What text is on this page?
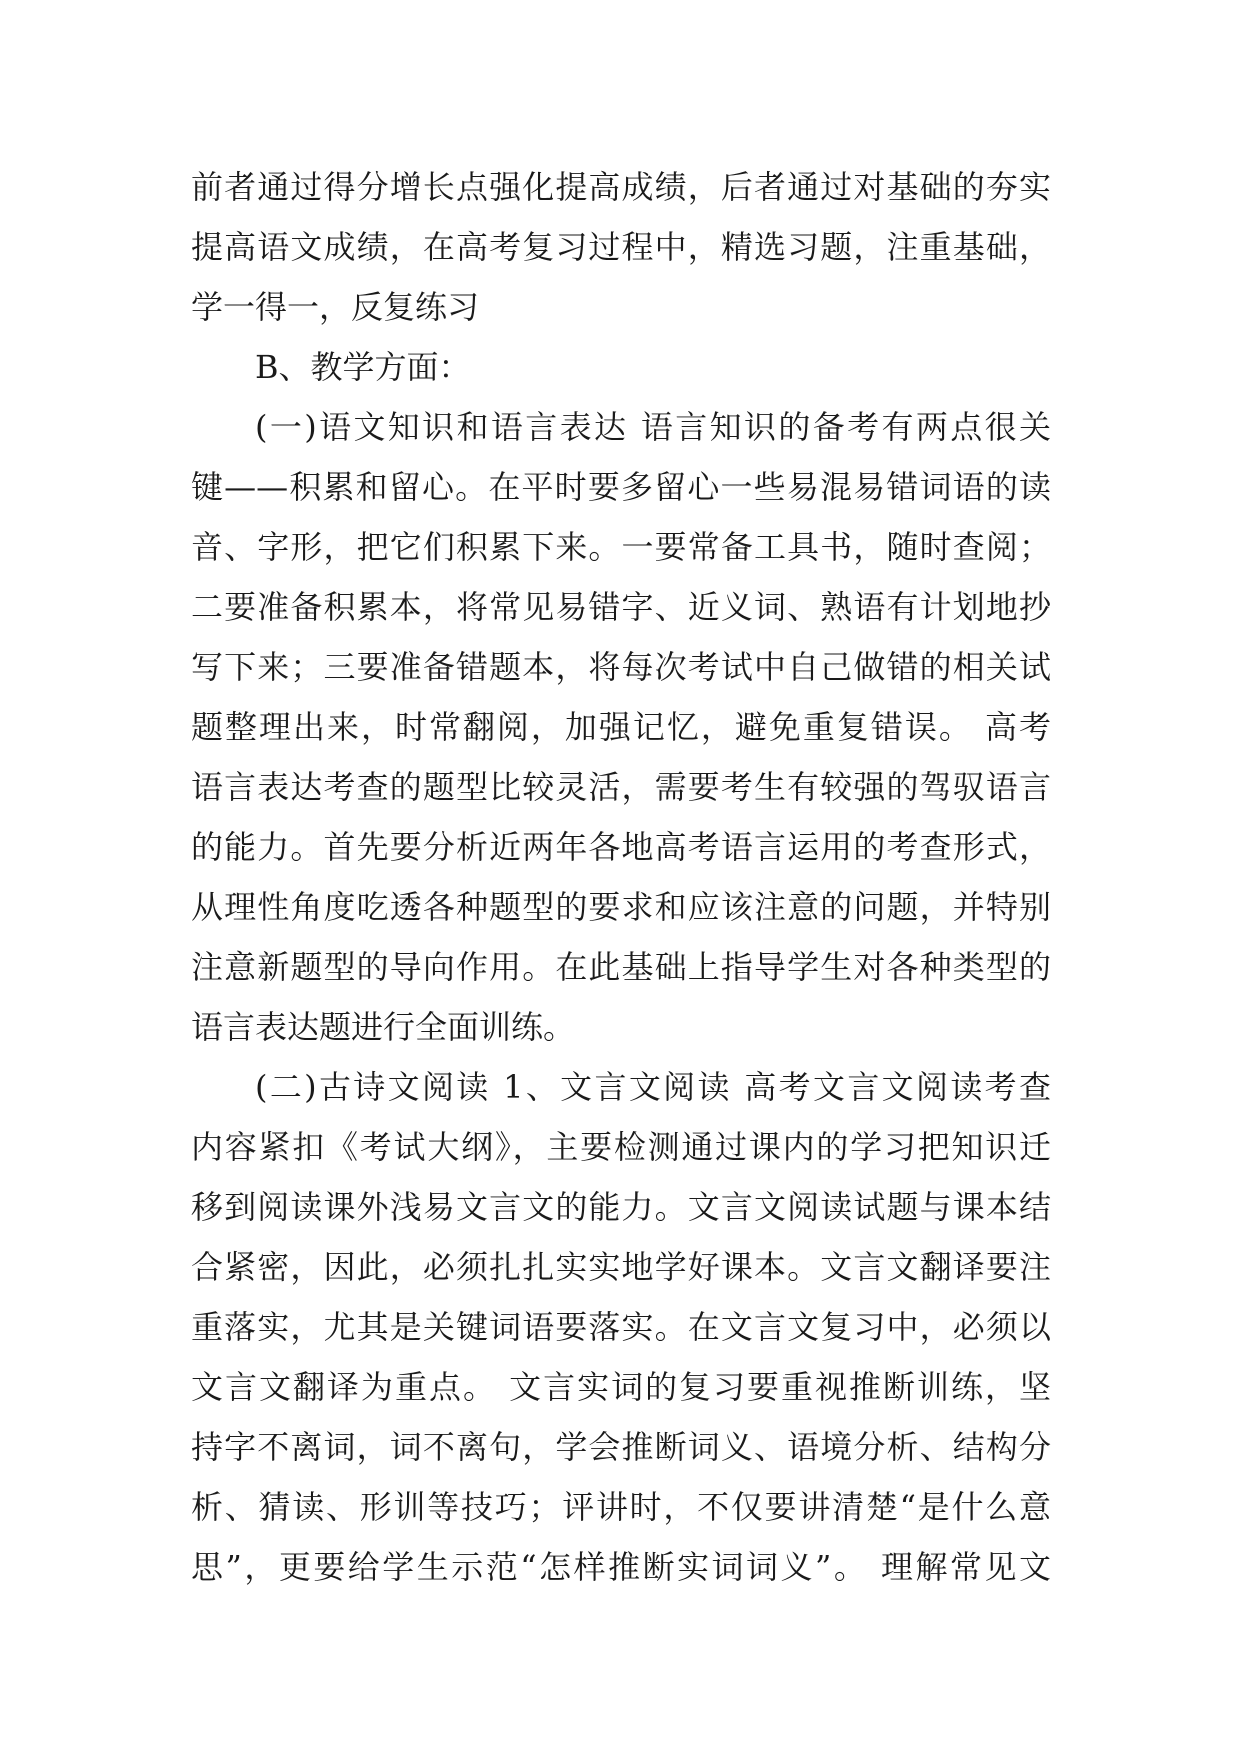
前者通过得分增长点强化提高成绩，后者通过对基础的夯实
提高语文成绩，在高考复习过程中，精选习题，注重基础，
学一得一，反复练习
B、教学方面：
(一)语文知识和语言表达 语言知识的备考有两点很关
键——积累和留心。在平时要多留心一些易混易错词语的读
音、字形，把它们积累下来。一要常备工具书，随时查阅；
二要准备积累本，将常见易错字、近义词、熟语有计划地抄
写下来；三要准备错题本，将每次考试中自己做错的相关试
题整理出来，时常翻阅，加强记忆，避免重复错误。 高考
语言表达考查的题型比较灵活，需要考生有较强的驾驭语言
的能力。首先要分析近两年各地高考语言运用的考查形式，
从理性角度吃透各种题型的要求和应该注意的问题，并特别
注意新题型的导向作用。在此基础上指导学生对各种类型的
语言表达题进行全面训练。
(二)古诗文阅读 1、文言文阅读 高考文言文阅读考查
内容紧扣《考试大纲》，主要检测通过课内的学习把知识迁
移到阅读课外浅易文言文的能力。文言文阅读试题与课本结
合紧密，因此，必须扎扎实实地学好课本。文言文翻译要注
重落实，尤其是关键词语要落实。在文言文复习中，必须以
文言文翻译为重点。 文言实词的复习要重视推断训练，坚
持字不离词，词不离句，学会推断词义、语境分析、结构分
析、猜读、形训等技巧；评讲时，不仅要讲清楚“是什么意
思”，更要给学生示范“怎样推断实词词义”。 理解常见文
